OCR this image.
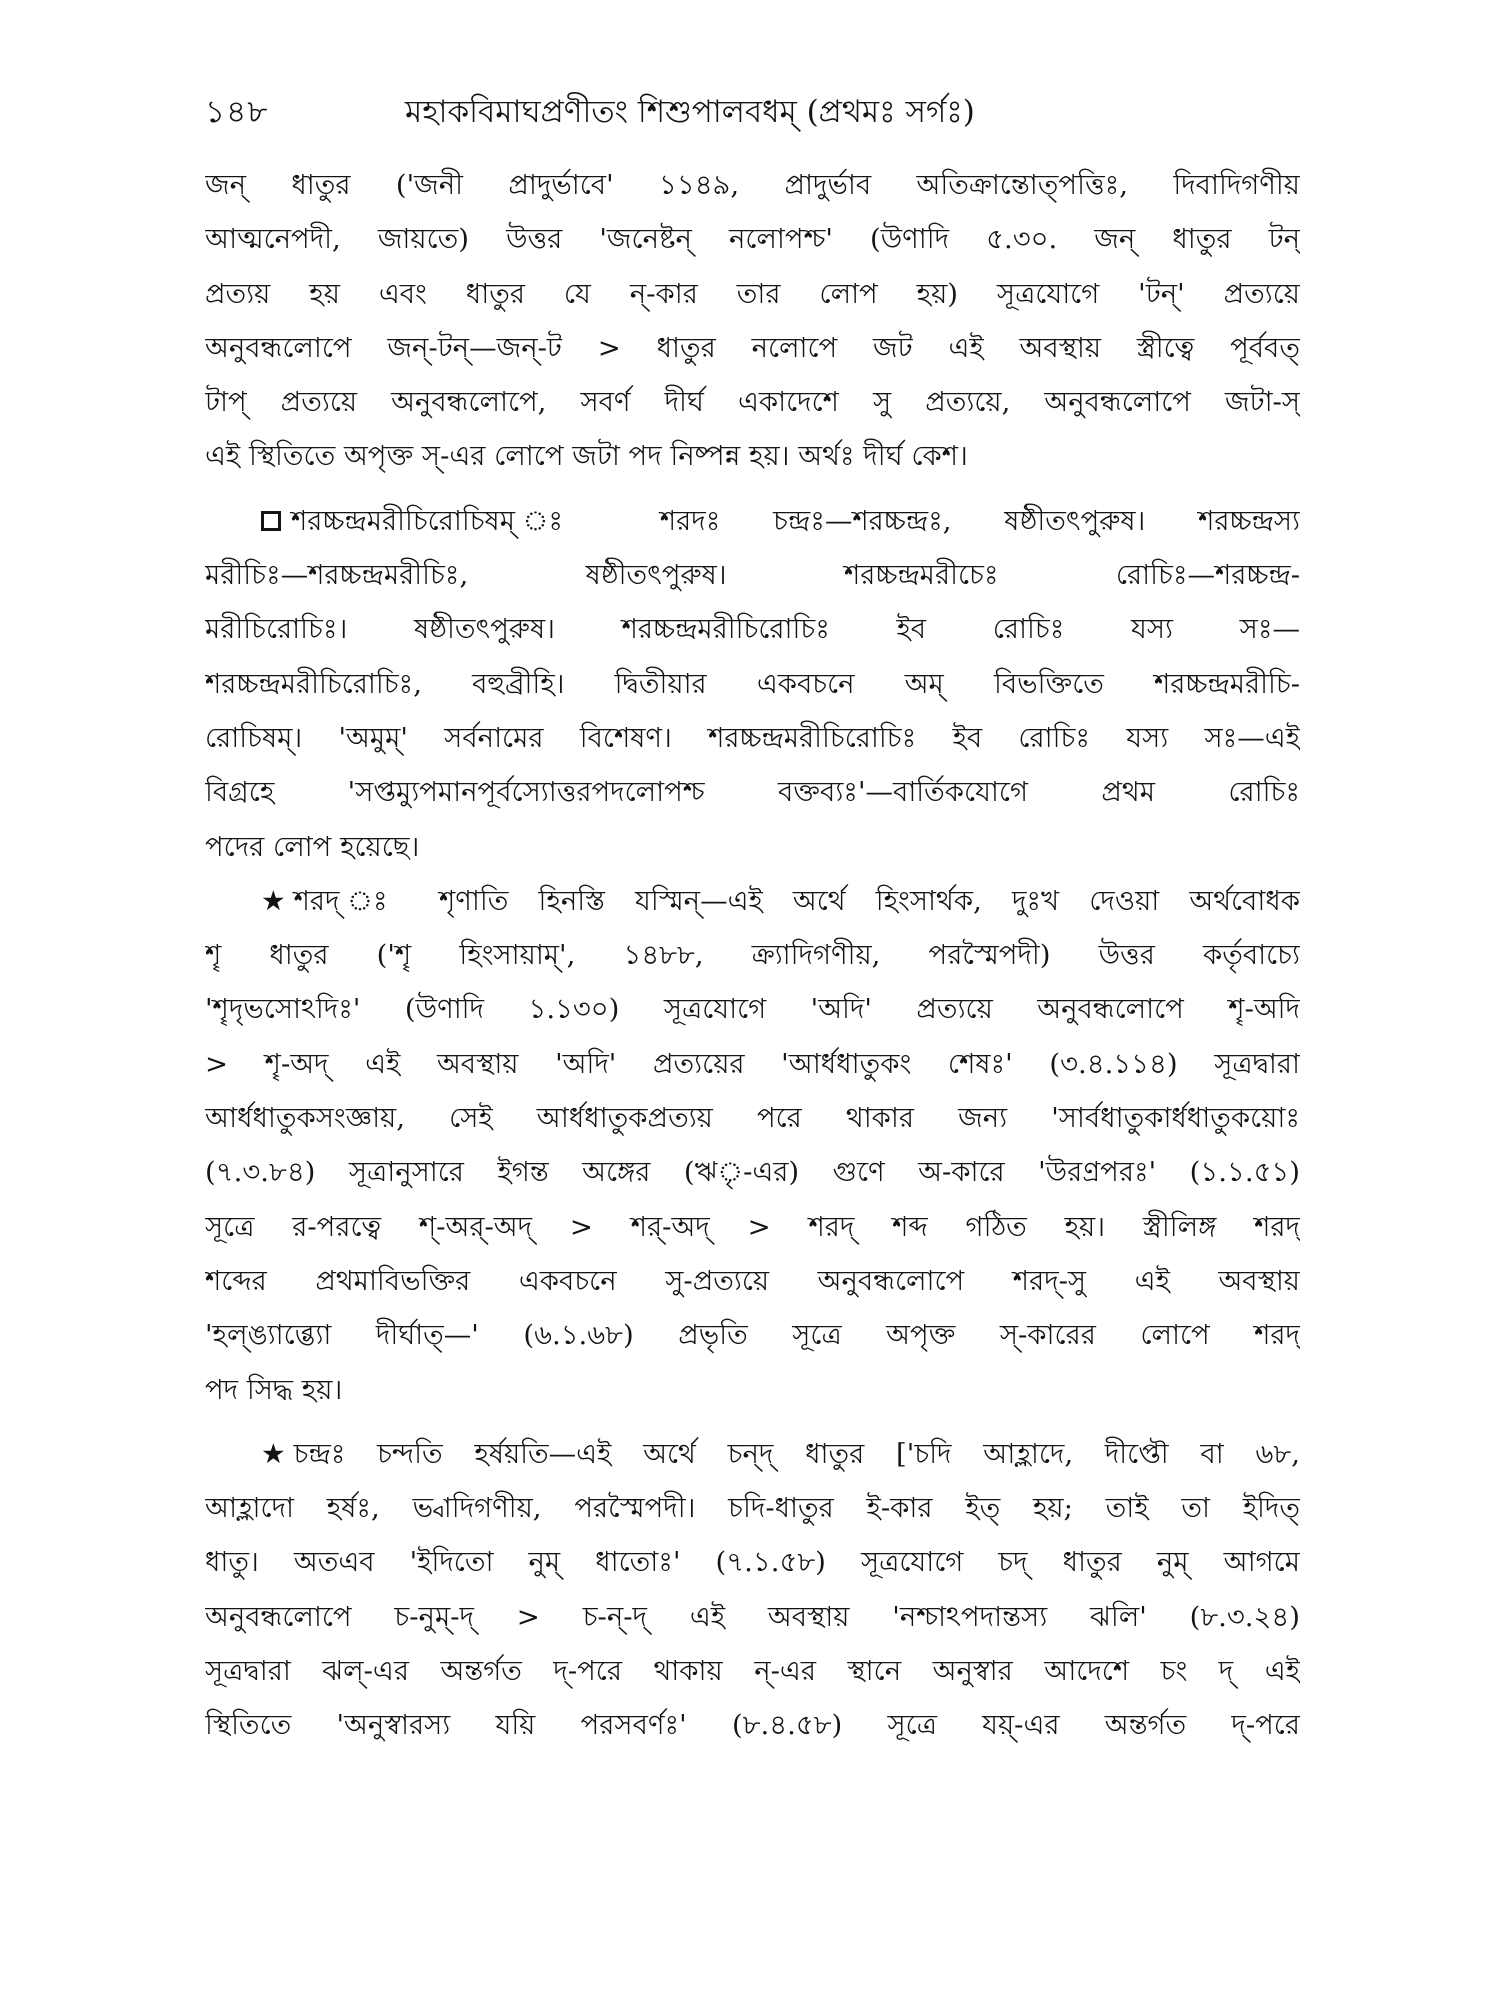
১৪৮	মহাকবিমাঘপ্রণীতং শিশুপালবধম্ (প্রথমঃ সর্গঃ)
জন্ ধাতুর ('জনী প্রাদুর্ভাবে' ১১৪৯, প্রাদুর্ভাব অতিক্রান্তোত্পত্তিঃ, দিবাদিগণীয়
আত্মনেপদী, জায়তে) উত্তর 'জনেষ্টন্ নলোপশ্চ' (উণাদি ৫.৩০. জন্ ধাতুর টন্
প্রত্যয় হয় এবং ধাতুর যে ন্-কার তার লোপ হয়) সূত্রযোগে 'টন্' প্রত্যয়ে
অনুবন্ধলোপে জন্-টন্—জন্-ট > ধাতুর নলোপে জট এই অবস্থায় স্ত্রীত্বে পূর্ববত্
টাপ্ প্রত্যয়ে অনুবন্ধলোপে, সবর্ণ দীর্ঘ একাদেশে সু প্রত্যয়ে, অনুবন্ধলোপে জটা-স্
এই স্থিতিতে অপৃক্ত স্-এর লোপে জটা পদ নিষ্পন্ন হয়। অর্থঃ দীর্ঘ কেশ।
শরচ্চন্দ্রমরীচিরোচিষম্ ঃ শরদঃ চন্দ্রঃ—শরচ্চন্দ্রঃ, ষষ্ঠীতৎপুরুষ। শরচ্চন্দ্রস্য
মরীচিঃ—শরচ্চন্দ্রমরীচিঃ, ষষ্ঠীতৎপুরুষ। শরচ্চন্দ্রমরীচেঃ রোচিঃ—শরচ্চন্দ্র-
মরীচিরোচিঃ। ষষ্ঠীতৎপুরুষ। শরচ্চন্দ্রমরীচিরোচিঃ ইব রোচিঃ যস্য সঃ—
শরচ্চন্দ্রমরীচিরোচিঃ, বহুব্রীহি। দ্বিতীয়ার একবচনে অম্ বিভক্তিতে শরচ্চন্দ্রমরীচি-
রোচিষম্। 'অমুম্' সর্বনামের বিশেষণ। শরচ্চন্দ্রমরীচিরোচিঃ ইব রোচিঃ যস্য সঃ—এই
বিগ্রহে 'সপ্তম্যুপমানপূর্বস্যোত্তরপদলোপশ্চ বক্তব্যঃ'—বার্তিকযোগে প্রথম রোচিঃ
পদের লোপ হয়েছে।
★ শরদ্ ঃ শৃণাতি হিনস্তি যস্মিন্—এই অর্থে হিংসার্থক, দুঃখ দেওয়া অর্থবোধক
শৄ ধাতুর ('শৄ হিংসায়াম্', ১৪৮৮, ক্র্যাদিগণীয়, পরস্মৈপদী) উত্তর কর্তৃবাচ্যে
'শৄদৃভসোঽদিঃ' (উণাদি ১.১৩০) সূত্রযোগে 'অদি' প্রত্যয়ে অনুবন্ধলোপে শৄ-অদি
> শৄ-অদ্ এই অবস্থায় 'অদি' প্রত্যয়ের 'আর্ধধাতুকং শেষঃ' (৩.৪.১১৪) সূত্রদ্বারা
আর্ধধাতুকসংজ্ঞায়, সেই আর্ধধাতুকপ্রত্যয় পরে থাকার জন্য 'সার্বধাতুকার্ধধাতুকয়োঃ
(৭.৩.৮৪) সূত্রানুসারে ইগন্ত অঙ্গের (ঋৃ-এর) গুণে অ-কারে 'উরণ্রপরঃ' (১.১.৫১)
সূত্রে র-পরত্বে শ্-অর্-অদ্ > শর্-অদ্ > শরদ্ শব্দ গঠিত হয়। স্ত্রীলিঙ্গ শরদ্
শব্দের প্রথমাবিভক্তির একবচনে সু-প্রত্যয়ে অনুবন্ধলোপে শরদ্-সু এই অবস্থায়
'হল্ঙ্যাব্ভ্যো দীর্ঘাত্—' (৬.১.৬৮) প্রভৃতি সূত্রে অপৃক্ত স্-কারের লোপে শরদ্
পদ সিদ্ধ হয়।
★ চন্দ্রঃ চন্দতি হর্ষয়তি—এই অর্থে চন্দ্ ধাতুর ['চদি আহ্লাদে, দীপ্তৌ বা ৬৮,
আহ্লাদো হর্ষঃ, ভ্বাদিগণীয়, পরস্মৈপদী। চদি-ধাতুর ই-কার ইত্ হয়; তাই তা ইদিত্
ধাতু। অতএব 'ইদিতো নুম্ ধাতোঃ' (৭.১.৫৮) সূত্রযোগে চদ্ ধাতুর নুম্ আগমে
অনুবন্ধলোপে চ-নুম্-দ্ > চ-ন্-দ্ এই অবস্থায় 'নশ্চাঽপদান্তস্য ঝলি' (৮.৩.২৪)
সূত্রদ্বারা ঝল্-এর অন্তর্গত দ্-পরে থাকায় ন্-এর স্থানে অনুস্বার আদেশে চং দ্ এই
স্থিতিতে 'অনুস্বারস্য যয়ি পরসবর্ণঃ' (৮.৪.৫৮) সূত্রে যয়্-এর অন্তর্গত দ্-পরে
